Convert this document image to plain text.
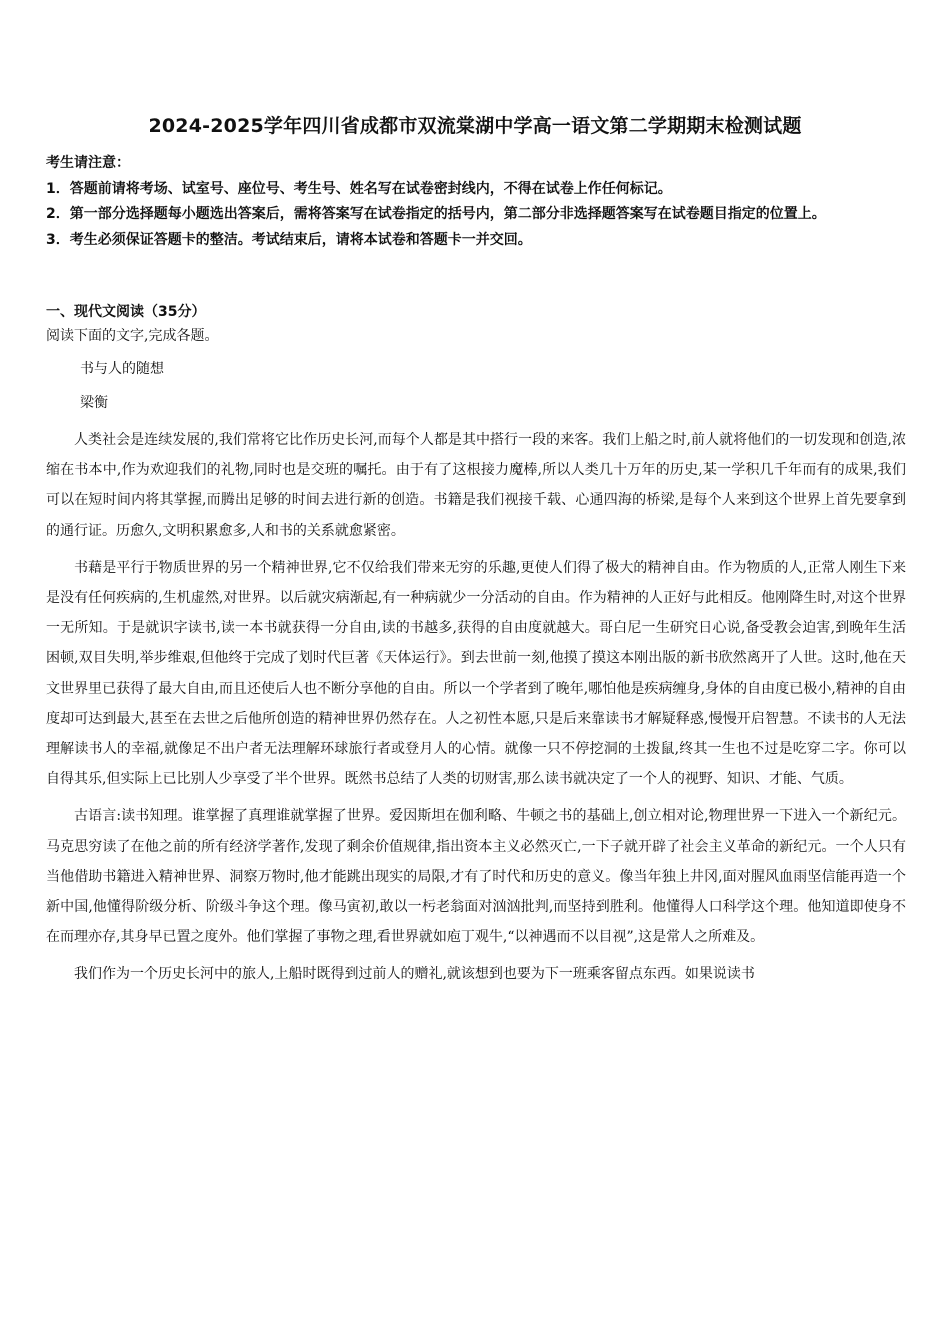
2024-2025学年四川省成都市双流棠湖中学高一语文第二学期期末检测试题

考生请注意：

1．答题前请将考场、试室号、座位号、考生号、姓名写在试卷密封线内，不得在试卷上作任何标记。

2．第一部分选择题每小题选出答案后，需将答案写在试卷指定的括号内，第二部分非选择题答案写在试卷题目指定的位置上。

3．考生必须保证答题卡的整洁。考试结束后，请将本试卷和答题卡一并交回。

一、现代文阅读（35分）
阅读下面的文字,完成各题。
书与人的随想
梁衡

人类社会是连续发展的,我们常将它比作历史长河,而每个人都是其中搭行一段的来客。我们上船之时,前人就将他们的一切发现和创造,浓缩在书本中,作为欢迎我们的礼物,同时也是交班的嘱托。由于有了这根接力魔棒,所以人类几十万年的历史,某一学积几千年而有的成果,我们可以在短时间内将其掌握,而腾出足够的时间去进行新的创造。书籍是我们视接千载、心通四海的桥梁,是每个人来到这个世界上首先要拿到的通行证。历愈久,文明积累愈多,人和书的关系就愈紧密。

书藉是平行于物质世界的另一个精神世界,它不仅给我们带来无穷的乐趣,更使人们得了极大的精神自由。作为物质的人,正常人刚生下来是没有任何疾病的,生机虚然,对世界。以后就灾病渐起,有一种病就少一分活动的自由。作为精神的人正好与此相反。他刚降生时,对这个世界一无所知。于是就识字读书,读一本书就获得一分自由,读的书越多,获得的自由度就越大。哥白尼一生研究日心说,备受教会迫害,到晚年生活困顿,双目失明,举步维艰,但他终于完成了划时代巨著《天体运行》。到去世前一刻,他摸了摸这本刚出版的新书欣然离开了人世。这时,他在天文世界里已获得了最大自由,而且还使后人也不断分享他的自由。所以一个学者到了晚年,哪怕他是疾病缠身,身体的自由度已极小,精神的自由度却可达到最大,甚至在去世之后他所创造的精神世界仍然存在。人之初性本愿,只是后来靠读书才解疑释惑,慢慢开启智慧。不读书的人无法理解读书人的幸福,就像足不出户者无法理解环球旅行者或登月人的心情。就像一只不停挖洞的土拨鼠,终其一生也不过是吃穿二字。你可以自得其乐,但实际上已比别人少享受了半个世界。既然书总结了人类的切财害,那么读书就决定了一个人的视野、知识、才能、气质。

古语言:读书知理。谁掌握了真理谁就掌握了世界。爱因斯坦在伽利略、牛顿之书的基础上,创立相对论,物理世界一下进入一个新纪元。马克思穷读了在他之前的所有经济学著作,发现了剩余价值规律,指出资本主义必然灭亡,一下子就开辟了社会主义革命的新纪元。一个人只有当他借助书籍进入精神世界、洞察万物时,他才能跳出现实的局限,才有了时代和历史的意义。像当年独上井冈,面对腥风血雨坚信能再造一个新中国,他懂得阶级分析、阶级斗争这个理。像马寅初,敢以一杇老翁面对汹汹批判,而坚持到胜利。他懂得人口科学这个理。他知道即使身不在而理亦存,其身早已置之度外。他们掌握了事物之理,看世界就如庖丁观牛,“以神遇而不以目视”,这是常人之所难及。

我们作为一个历史长河中的旅人,上船时既得到过前人的赠礼,就该想到也要为下一班乘客留点东西。如果说读书
